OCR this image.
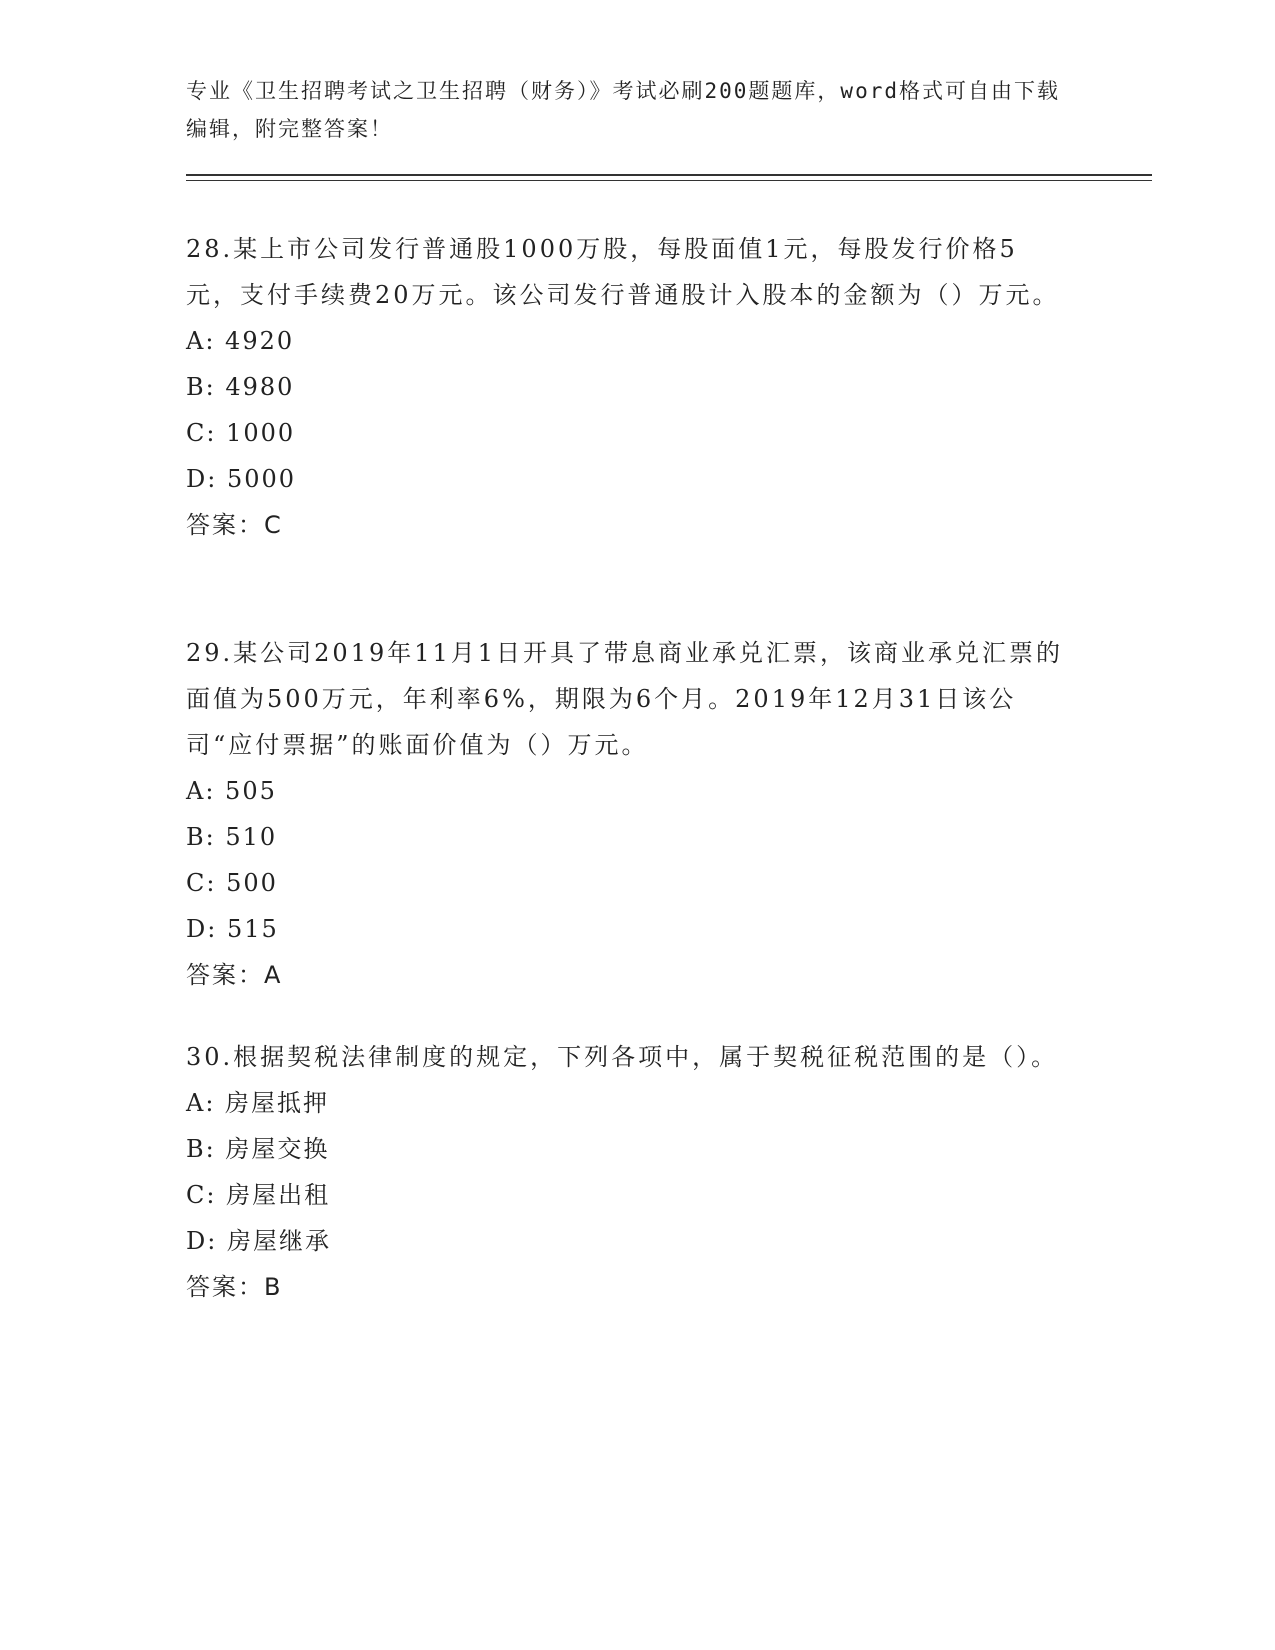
专业《卫生招聘考试之卫生招聘（财务）》考试必刷200题题库，word格式可自由下载编辑，附完整答案！

28.某上市公司发行普通股1000万股，每股面值1元，每股发行价格5元，支付手续费20万元。该公司发行普通股计入股本的金额为（）万元。

A: 4920

B: 4980

C: 1000

D: 5000

答案：C

29.某公司2019年11月1日开具了带息商业承兑汇票，该商业承兑汇票的面值为500万元，年利率6%，期限为6个月。2019年12月31日该公司“应付票据”的账面价值为（）万元。

A: 505

B: 510

C: 500

D: 515

答案：A

30.根据契税法律制度的规定，下列各项中，属于契税征税范围的是（）。

A: 房屋抵押

B: 房屋交换

C: 房屋出租

D: 房屋继承

答案：B
